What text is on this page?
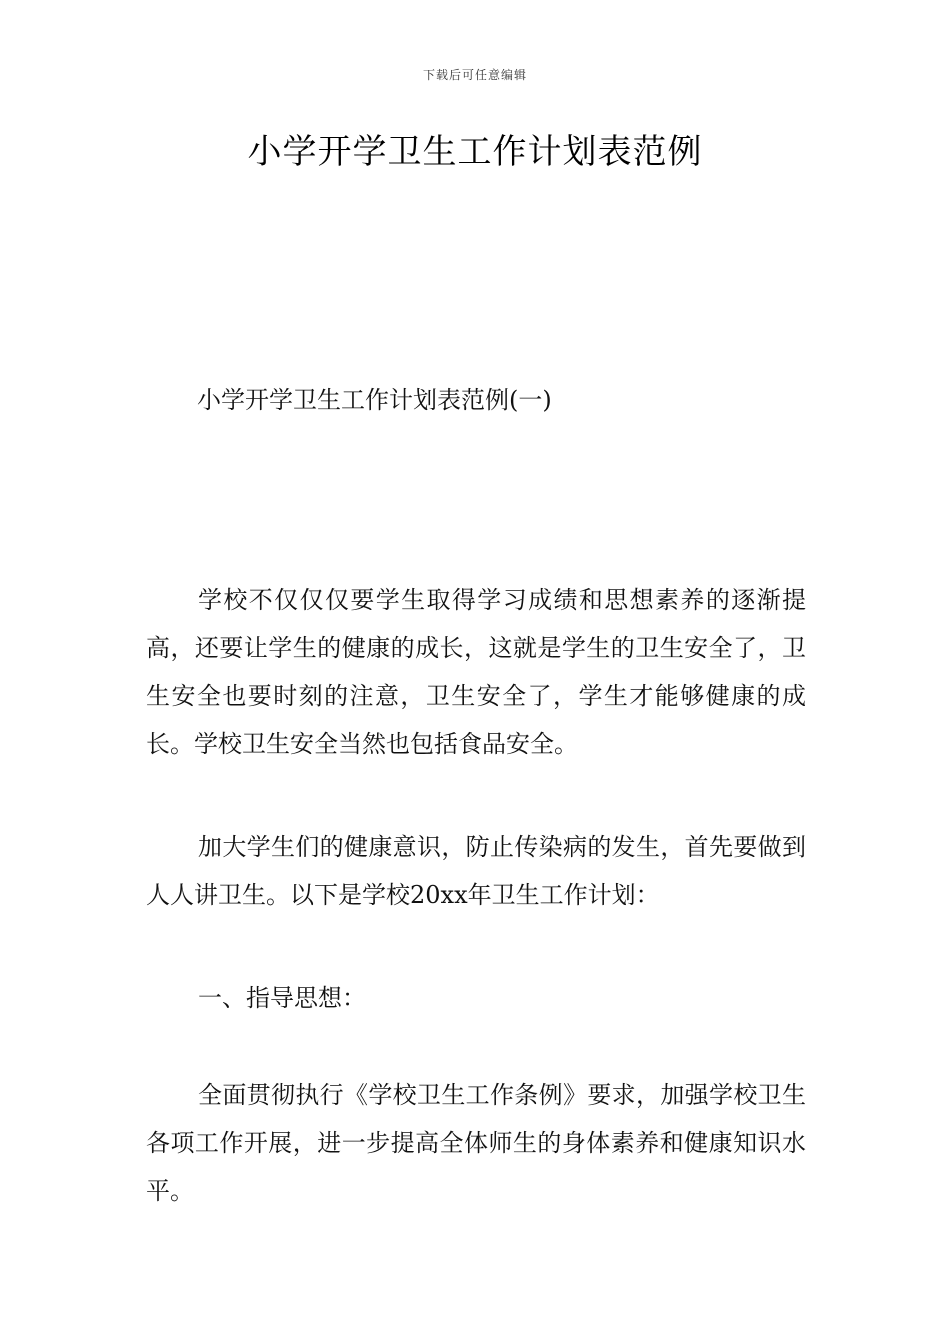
下载后可任意编辑
小学开学卫生工作计划表范例

小学开学卫生工作计划表范例(一)

学校不仅仅仅要学生取得学习成绩和思想素养的逐渐提高，还要让学生的健康的成长，这就是学生的卫生安全了，卫生安全也要时刻的注意，卫生安全了，学生才能够健康的成长。学校卫生安全当然也包括食品安全。

加大学生们的健康意识，防止传染病的发生，首先要做到人人讲卫生。以下是学校20xx年卫生工作计划：

一、指导思想：

全面贯彻执行《学校卫生工作条例》要求，加强学校卫生各项工作开展，进一步提高全体师生的身体素养和健康知识水平。
